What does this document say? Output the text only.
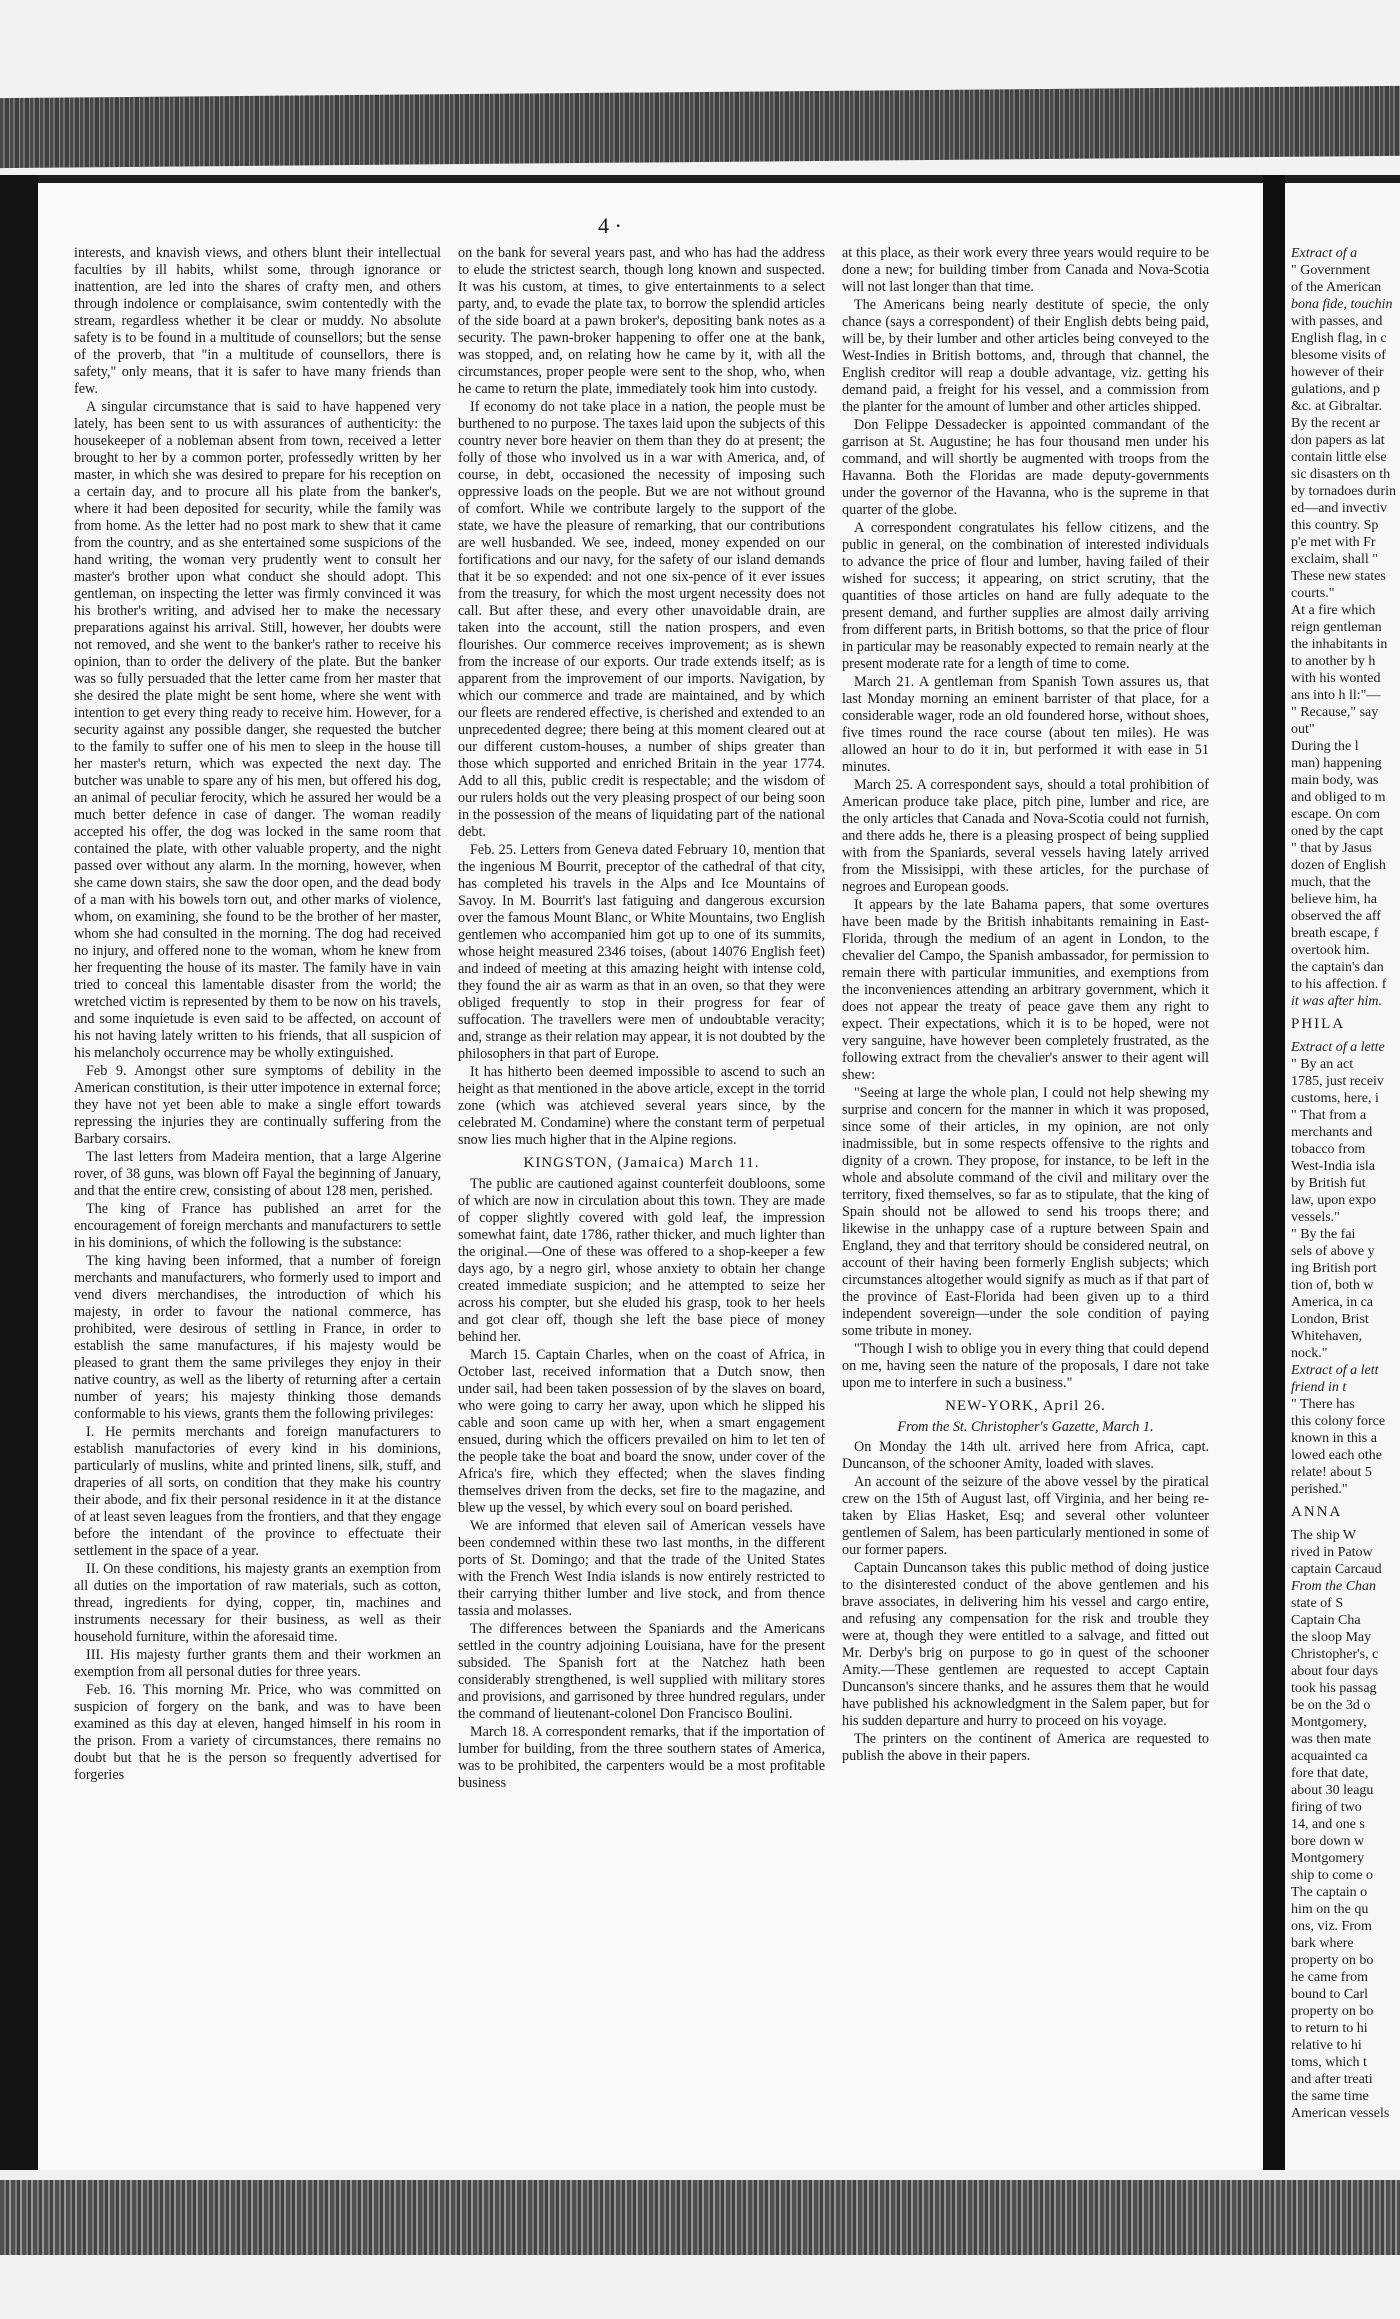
4 ·

interests, and knavish views, and others blunt their intellectual faculties by ill habits, whilst some, through ignorance or inattention, are led into the shares of crafty men, and others through indolence or complaisance, swim contentedly with the stream, regardless whether it be clear or muddy. No absolute safety is to be found in a multitude of counsellors; but the sense of the proverb, that "in a multitude of counsellors, there is safety," only means, that it is safer to have many friends than few.

A singular circumstance that is said to have happened very lately, has been sent to us with assurances of authenticity: the housekeeper of a nobleman absent from town, received a letter brought to her by a common porter, professedly written by her master, in which she was desired to prepare for his reception on a certain day, and to procure all his plate from the banker's, where it had been deposited for security, while the family was from home. As the letter had no post mark to shew that it came from the country, and as she entertained some suspicions of the hand writing, the woman very prudently went to consult her master's brother upon what conduct she should adopt. This gentleman, on inspecting the letter was firmly convinced it was his brother's writing, and advised her to make the necessary preparations against his arrival. Still, however, her doubts were not removed, and she went to the banker's rather to receive his opinion, than to order the delivery of the plate. But the banker was so fully persuaded that the letter came from her master that she desired the plate might be sent home, where she went with intention to get every thing ready to receive him. However, for a security against any possible danger, she requested the butcher to the family to suffer one of his men to sleep in the house till her master's return, which was expected the next day. The butcher was unable to spare any of his men, but offered his dog, an animal of peculiar ferocity, which he assured her would be a much better defence in case of danger. The woman readily accepted his offer, the dog was locked in the same room that contained the plate, with other valuable property, and the night passed over without any alarm. In the morning, however, when she came down stairs, she saw the door open, and the dead body of a man with his bowels torn out, and other marks of violence, whom, on examining, she found to be the brother of her master, whom she had consulted in the morning. The dog had received no injury, and offered none to the woman, whom he knew from her frequenting the house of its master. The family have in vain tried to conceal this lamentable disaster from the world; the wretched victim is represented by them to be now on his travels, and some inquietude is even said to be affected, on account of his not having lately written to his friends, that all suspicion of his melancholy occurrence may be wholly extinguished.

Feb 9. Amongst other sure symptoms of debility in the American constitution, is their utter impotence in external force; they have not yet been able to make a single effort towards repressing the injuries they are continually suffering from the Barbary corsairs.

The last letters from Madeira mention, that a large Algerine rover, of 38 guns, was blown off Fayal the beginning of January, and that the entire crew, consisting of about 128 men, perished.

The king of France has published an arret for the encouragement of foreign merchants and manufacturers to settle in his dominions, of which the following is the substance:

The king having been informed, that a number of foreign merchants and manufacturers, who formerly used to import and vend divers merchandises, the introduction of which his majesty, in order to favour the national commerce, has prohibited, were desirous of settling in France, in order to establish the same manufactures, if his majesty would be pleased to grant them the same privileges they enjoy in their native country, as well as the liberty of returning after a certain number of years; his majesty thinking those demands conformable to his views, grants them the following privileges:

I. He permits merchants and foreign manufacturers to establish manufactories of every kind in his dominions, particularly of muslins, white and printed linens, silk, stuff, and draperies of all sorts, on condition that they make his country their abode, and fix their personal residence in it at the distance of at least seven leagues from the frontiers, and that they engage before the intendant of the province to effectuate their settlement in the space of a year.

II. On these conditions, his majesty grants an exemption from all duties on the importation of raw materials, such as cotton, thread, ingredients for dying, copper, tin, machines and instruments necessary for their business, as well as their household furniture, within the aforesaid time.

III. His majesty further grants them and their workmen an exemption from all personal duties for three years.

Feb. 16. This morning Mr. Price, who was committed on suspicion of forgery on the bank, and was to have been examined as this day at eleven, hanged himself in his room in the prison. From a variety of circumstances, there remains no doubt but that he is the person so frequently advertised for forgeries

on the bank for several years past, and who has had the address to elude the strictest search, though long known and suspected. It was his custom, at times, to give entertainments to a select party, and, to evade the plate tax, to borrow the splendid articles of the side board at a pawn broker's, depositing bank notes as a security. The pawn-broker happening to offer one at the bank, was stopped, and, on relating how he came by it, with all the circumstances, proper people were sent to the shop, who, when he came to return the plate, immediately took him into custody.

If economy do not take place in a nation, the people must be burthened to no purpose. The taxes laid upon the subjects of this country never bore heavier on them than they do at present; the folly of those who involved us in a war with America, and, of course, in debt, occasioned the necessity of imposing such oppressive loads on the people. But we are not without ground of comfort. While we contribute largely to the support of the state, we have the pleasure of remarking, that our contributions are well husbanded. We see, indeed, money expended on our fortifications and our navy, for the safety of our island demands that it be so expended: and not one six-pence of it ever issues from the treasury, for which the most urgent necessity does not call. But after these, and every other unavoidable drain, are taken into the account, still the nation prospers, and even flourishes. Our commerce receives improvement; as is shewn from the increase of our exports. Our trade extends itself; as is apparent from the improvement of our imports. Navigation, by which our commerce and trade are maintained, and by which our fleets are rendered effective, is cherished and extended to an unprecedented degree; there being at this moment cleared out at our different custom-houses, a number of ships greater than those which supported and enriched Britain in the year 1774. Add to all this, public credit is respectable; and the wisdom of our rulers holds out the very pleasing prospect of our being soon in the possession of the means of liquidating part of the national debt.

Feb. 25. Letters from Geneva dated February 10, mention that the ingenious M Bourrit, preceptor of the cathedral of that city, has completed his travels in the Alps and Ice Mountains of Savoy. In M. Bourrit's last fatiguing and dangerous excursion over the famous Mount Blanc, or White Mountains, two English gentlemen who accompanied him got up to one of its summits, whose height measured 2346 toises, (about 14076 English feet) and indeed of meeting at this amazing height with intense cold, they found the air as warm as that in an oven, so that they were obliged frequently to stop in their progress for fear of suffocation. The travellers were men of undoubtable veracity; and, strange as their relation may appear, it is not doubted by the philosophers in that part of Europe.

It has hitherto been deemed impossible to ascend to such an height as that mentioned in the above article, except in the torrid zone (which was atchieved several years since, by the celebrated M. Condamine) where the constant term of perpetual snow lies much higher that in the Alpine regions.

KINGSTON, (Jamaica) March 11.

The public are cautioned against counterfeit doubloons, some of which are now in circulation about this town. They are made of copper slightly covered with gold leaf, the impression somewhat faint, date 1786, rather thicker, and much lighter than the original.—One of these was offered to a shop-keeper a few days ago, by a negro girl, whose anxiety to obtain her change created immediate suspicion; and he attempted to seize her across his compter, but she eluded his grasp, took to her heels and got clear off, though she left the base piece of money behind her.

March 15. Captain Charles, when on the coast of Africa, in October last, received information that a Dutch snow, then under sail, had been taken possession of by the slaves on board, who were going to carry her away, upon which he slipped his cable and soon came up with her, when a smart engagement ensued, during which the officers prevailed on him to let ten of the people take the boat and board the snow, under cover of the Africa's fire, which they effected; when the slaves finding themselves driven from the decks, set fire to the magazine, and blew up the vessel, by which every soul on board perished.

We are informed that eleven sail of American vessels have been condemned within these two last months, in the different ports of St. Domingo; and that the trade of the United States with the French West India islands is now entirely restricted to their carrying thither lumber and live stock, and from thence tassia and molasses.

The differences between the Spaniards and the Americans settled in the country adjoining Louisiana, have for the present subsided. The Spanish fort at the Natchez hath been considerably strengthened, is well supplied with military stores and provisions, and garrisoned by three hundred regulars, under the command of lieutenant-colonel Don Francisco Boulini.

March 18. A correspondent remarks, that if the importation of lumber for building, from the three southern states of America, was to be prohibited, the carpenters would be a most profitable business

at this place, as their work every three years would require to be done a new; for building timber from Canada and Nova-Scotia will not last longer than that time.

The Americans being nearly destitute of specie, the only chance (says a correspondent) of their English debts being paid, will be, by their lumber and other articles being conveyed to the West-Indies in British bottoms, and, through that channel, the English creditor will reap a double advantage, viz. getting his demand paid, a freight for his vessel, and a commission from the planter for the amount of lumber and other articles shipped.

Don Felippe Dessadecker is appointed commandant of the garrison at St. Augustine; he has four thousand men under his command, and will shortly be augmented with troops from the Havanna. Both the Floridas are made deputy-governments under the governor of the Havanna, who is the supreme in that quarter of the globe.

A correspondent congratulates his fellow citizens, and the public in general, on the combination of interested individuals to advance the price of flour and lumber, having failed of their wished for success; it appearing, on strict scrutiny, that the quantities of those articles on hand are fully adequate to the present demand, and further supplies are almost daily arriving from different parts, in British bottoms, so that the price of flour in particular may be reasonably expected to remain nearly at the present moderate rate for a length of time to come.

March 21. A gentleman from Spanish Town assures us, that last Monday morning an eminent barrister of that place, for a considerable wager, rode an old foundered horse, without shoes, five times round the race course (about ten miles). He was allowed an hour to do it in, but performed it with ease in 51 minutes.

March 25. A correspondent says, should a total prohibition of American produce take place, pitch pine, lumber and rice, are the only articles that Canada and Nova-Scotia could not furnish, and there adds he, there is a pleasing prospect of being supplied with from the Spaniards, several vessels having lately arrived from the Missisippi, with these articles, for the purchase of negroes and European goods.

It appears by the late Bahama papers, that some overtures have been made by the British inhabitants remaining in East-Florida, through the medium of an agent in London, to the chevalier del Campo, the Spanish ambassador, for permission to remain there with particular immunities, and exemptions from the inconveniences attending an arbitrary government, which it does not appear the treaty of peace gave them any right to expect. Their expectations, which it is to be hoped, were not very sanguine, have however been completely frustrated, as the following extract from the chevalier's answer to their agent will shew:

"Seeing at large the whole plan, I could not help shewing my surprise and concern for the manner in which it was proposed, since some of their articles, in my opinion, are not only inadmissible, but in some respects offensive to the rights and dignity of a crown. They propose, for instance, to be left in the whole and absolute command of the civil and military over the territory, fixed themselves, so far as to stipulate, that the king of Spain should not be allowed to send his troops there; and likewise in the unhappy case of a rupture between Spain and England, they and that territory should be considered neutral, on account of their having been formerly English subjects; which circumstances altogether would signify as much as if that part of the province of East-Florida had been given up to a third independent sovereign—under the sole condition of paying some tribute in money.

"Though I wish to oblige you in every thing that could depend on me, having seen the nature of the proposals, I dare not take upon me to interfere in such a business."

NEW-YORK, April 26.

From the St. Christopher's Gazette, March 1.

On Monday the 14th ult. arrived here from Africa, capt. Duncanson, of the schooner Amity, loaded with slaves.

An account of the seizure of the above vessel by the piratical crew on the 15th of August last, off Virginia, and her being re-taken by Elias Hasket, Esq; and several other volunteer gentlemen of Salem, has been particularly mentioned in some of our former papers.

Captain Duncanson takes this public method of doing justice to the disinterested conduct of the above gentlemen and his brave associates, in delivering him his vessel and cargo entire, and refusing any compensation for the risk and trouble they were at, though they were entitled to a salvage, and fitted out Mr. Derby's brig on purpose to go in quest of the schooner Amity.—These gentlemen are requested to accept Captain Duncanson's sincere thanks, and he assures them that he would have published his acknowledgment in the Salem paper, but for his sudden departure and hurry to proceed on his voyage.

The printers on the continent of America are requested to publish the above in their papers.

Extract of a
" Government
of the American
bona fide, touchin
with passes, and
English flag, in c
blesome visits of
however of their
gulations, and p
&c. at Gibraltar.
By the recent ar
don papers as lat
contain little else
sic disasters on th
by tornadoes durin
ed—and invectiv
this country. Sp
p'e met with Fr
exclaim, shall "
These new states
courts."
At a fire which
reign gentleman
the inhabitants in
to another by h
with his wonted
ans into h ll:"—
" Recause," say
out"
During the l
man) happening
main body, was
and obliged to m
escape. On com
oned by the capt
" that by Jasus
dozen of English
much, that the
believe him, ha
observed the aff
breath escape, f
overtook him.
the captain's dan
to his affection. f
it was after him.
PHILA
Extract of a lette
" By an act
1785, just receiv
customs, here, i
" That from a
merchants and
tobacco from
West-India isla
by British fut
law, upon expo
vessels."
" By the fai
sels of above y
ing British port
tion of, both w
America, in ca
London, Brist
Whitehaven,
nock."
Extract of a lett
friend in t
" There has
this colony force
known in this a
lowed each othe
relate! about 5
perished."
ANNA
The ship W
rived in Patow
captain Carcaud
From the Chan
state of S
Captain Cha
the sloop May
Christopher's, c
about four days
took his passag
be on the 3d o
Montgomery,
was then mate
acquainted ca
fore that date,
about 30 leagu
firing of two
14, and one s
bore down w
Montgomery
ship to come o
The captain o
him on the qu
ons, viz. From
bark where
property on bo
he came from
bound to Carl
property on bo
to return to hi
relative to hi
toms, which t
and after treati
the same time
American vessels
